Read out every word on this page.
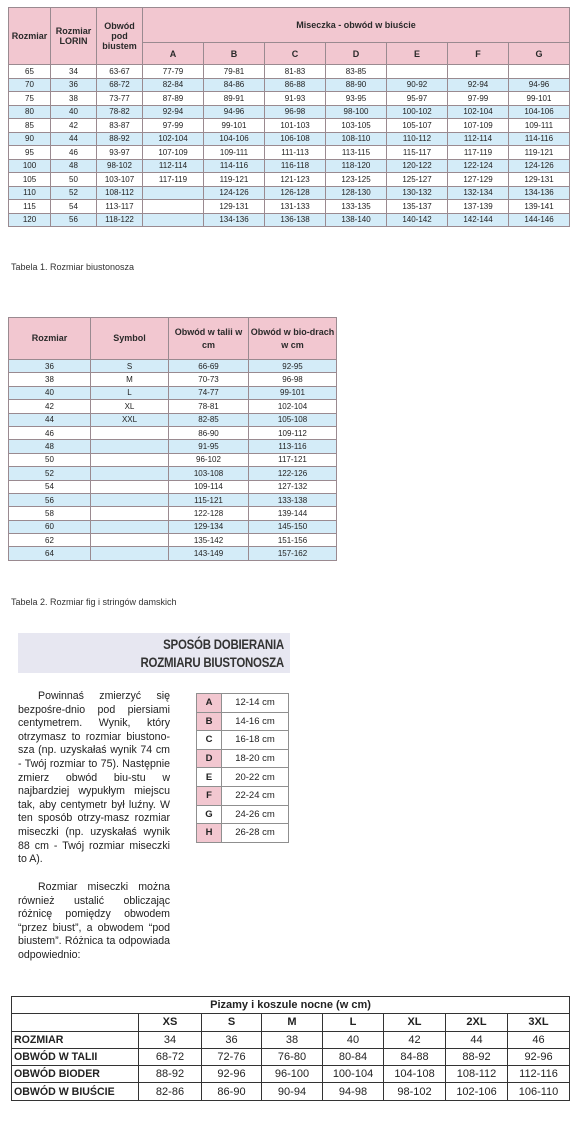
Rozmiar	Rozmiar LORIN	Obwód pod biustem	Miseczka - obwód w biuście						
			A	B	C	D	E	F	G
65	34	63-67	77-79	79-81	81-83	83-85			
70	36	68-72	82-84	84-86	86-88	88-90	90-92	92-94	94-96
75	38	73-77	87-89	89-91	91-93	93-95	95-97	97-99	99-101
80	40	78-82	92-94	94-96	96-98	98-100	100-102	102-104	104-106
85	42	83-87	97-99	99-101	101-103	103-105	105-107	107-109	109-111
90	44	88-92	102-104	104-106	106-108	108-110	110-112	112-114	114-116
95	46	93-97	107-109	109-111	111-113	113-115	115-117	117-119	119-121
100	48	98-102	112-114	114-116	116-118	118-120	120-122	122-124	124-126
105	50	103-107	117-119	119-121	121-123	123-125	125-127	127-129	129-131
110	52	108-112		124-126	126-128	128-130	130-132	132-134	134-136
115	54	113-117		129-131	131-133	133-135	135-137	137-139	139-141
120	56	118-122		134-136	136-138	138-140	140-142	142-144	144-146
Tabela 1. Rozmiar biustonosza
Rozmiar	Symbol	Obwód w talii w cm	Obwód w bio-drach w cm
36	S	66-69	92-95
38	M	70-73	96-98
40	L	74-77	99-101
42	XL	78-81	102-104
44	XXL	82-85	105-108
46		86-90	109-112
48		91-95	113-116
50		96-102	117-121
52		103-108	122-126
54		109-114	127-132
56		115-121	133-138
58		122-128	139-144
60		129-134	145-150
62		135-142	151-156
64		143-149	157-162
Tabela 2. Rozmiar fig i stringów damskich
SPOSÓB DOBIERANIA
ROZMIARU BIUSTONOSZA

Powinnaś zmierzyć się bezpośre-dnio pod piersiami centymetrem. Wynik, który otrzymasz to rozmiar biustono-sza (np. uzyskałaś wynik 74 cm - Twój rozmiar to 75). Następnie zmierz obwód biu-stu w najbardziej wypukłym miejscu tak, aby centymetr był luźny. W ten sposób otrzy-masz rozmiar miseczki (np. uzyskałaś wynik 88 cm - Twój rozmiar miseczki to A).

Rozmiar miseczki można również ustalić obliczając różnicę pomiędzy obwodem “przez biust”, a obwodem “pod biustem”. Różnica ta odpowiada odpowiednio:

A	12-14 cm
B	14-16 cm
C	16-18 cm
D	18-20 cm
E	20-22 cm
F	22-24 cm
G	24-26 cm
H	26-28 cm
Pizamy i koszule nocne (w cm)							
	XS	S	M	L	XL	2XL	3XL
ROZMIAR	34	36	38	40	42	44	46
OBWÓD W TALII	68-72	72-76	76-80	80-84	84-88	88-92	92-96
OBWÓD BIODER	88-92	92-96	96-100	100-104	104-108	108-112	112-116
OBWÓD W BIUŚCIE	82-86	86-90	90-94	94-98	98-102	102-106	106-110
